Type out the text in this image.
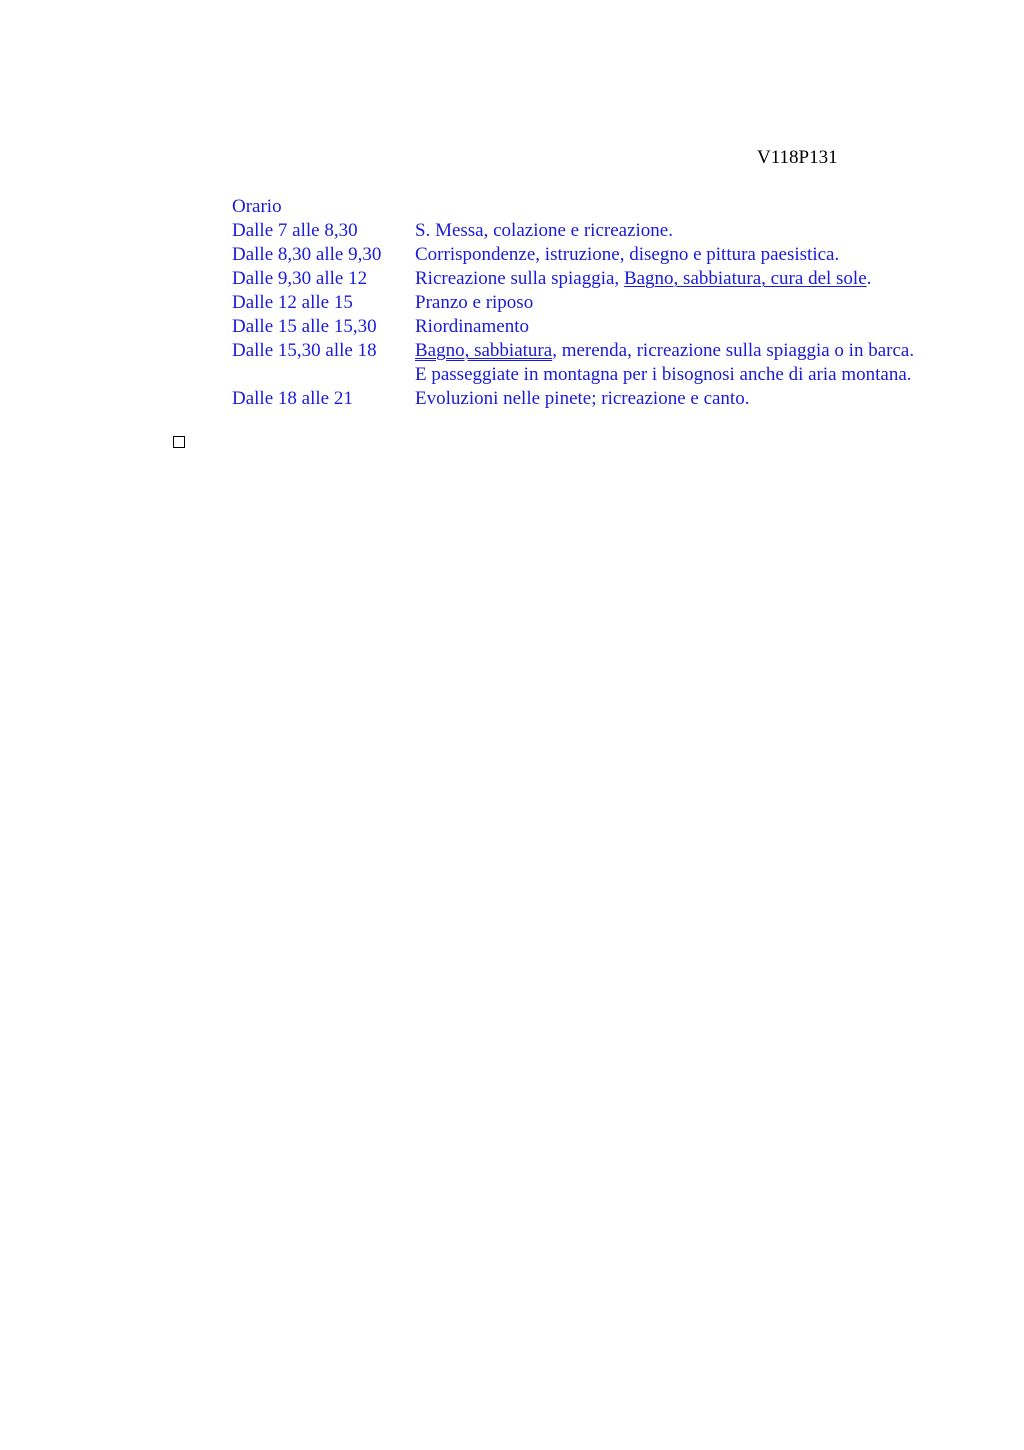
V118P131
Orario
Dalle 7 alle 8,30	S. Messa, colazione e ricreazione.
Dalle 8,30 alle 9,30	Corrispondenze, istruzione, disegno e pittura paesistica.
Dalle 9,30 alle 12	Ricreazione sulla spiaggia, Bagno, sabbiatura, cura del sole.
Dalle 12 alle 15	Pranzo e riposo
Dalle 15 alle 15,30	Riordinamento
Dalle 15,30 alle 18	Bagno, sabbiatura, merenda, ricreazione sulla spiaggia o in barca. E passeggiate in montagna per i bisognosi anche di aria montana.
Dalle 18 alle 21	Evoluzioni nelle pinete; ricreazione e canto.
